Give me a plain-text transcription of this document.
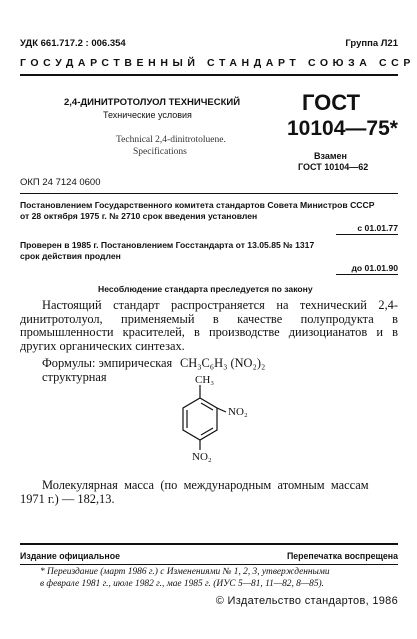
УДК 661.717.2 : 006.354	Группа Л21
ГОСУДАРСТВЕННЫЙ СТАНДАРТ СОЮЗА ССР
2,4-ДИНИТРОТОЛУОЛ ТЕХНИЧЕСКИЙ
Технические условия
Technical 2,4-dinitrotoluene.
Specifications
ГОСТ
10104—75*
Взамен
ГОСТ 10104—62
ОКП 24 7124 0600
Постановлением Государственного комитета стандартов Совета Министров СССР
от 28 октября 1975 г. № 2710 срок введения установлен
с 01.01.77
Проверен в 1985 г. Постановлением Госстандарта от 13.05.85 № 1317
срок действия продлен
до 01.01.90
Несоблюдение стандарта преследуется по закону

Настоящий стандарт распространяется на технический 2,4-динитротолуол, применяемый в качестве полупродукта в промышленности красителей, в производстве диизоцианатов и в других органических синтезах.

Формулы: эмпирическая CH₃C₆H₃ (NO₂)₂
структурная	CH₃
NO₂
NO₂
Молекулярная масса (по международным атомным массам
1971 г.) — 182,13.
Издание официальное	Перепечатка воспрещена
* Переиздание (март 1986 г.) с Изменениями № 1, 2, 3, утвержденными
в феврале 1981 г., июле 1982 г., мае 1985 г. (ИУС 5—81, 11—82, 8—85).
© Издательство стандартов, 1986
